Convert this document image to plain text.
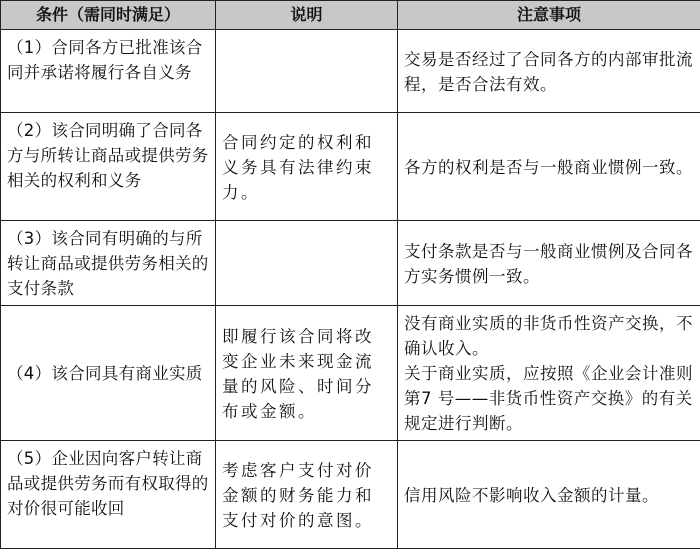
条件（需同时满足）	说明	注意事项
（1）合同各方已批准该合同并承诺将履行各自义务		交易是否经过了合同各方的内部审批流程，是否合法有效。

（2）该合同明确了合同各方与所转让商品或提供劳务相关的权利和义务	合同约定的权利和义务具有法律约束力。	各方的权利是否与一般商业惯例一致。

（3）该合同有明确的与所转让商品或提供劳务相关的支付条款		支付条款是否与一般商业惯例及合同各方实务惯例一致。

（4）该合同具有商业实质	即履行该合同将改变企业未来现金流量的风险、时间分布或金额。	没有商业实质的非货币性资产交换，不确认收入。
关于商业实质，应按照《企业会计准则第7 号——非货币性资产交换》的有关规定进行判断。

（5）企业因向客户转让商品或提供劳务而有权取得的对价很可能收回	考虑客户支付对价金额的财务能力和支付对价的意图。	信用风险不影响收入金额的计量。
